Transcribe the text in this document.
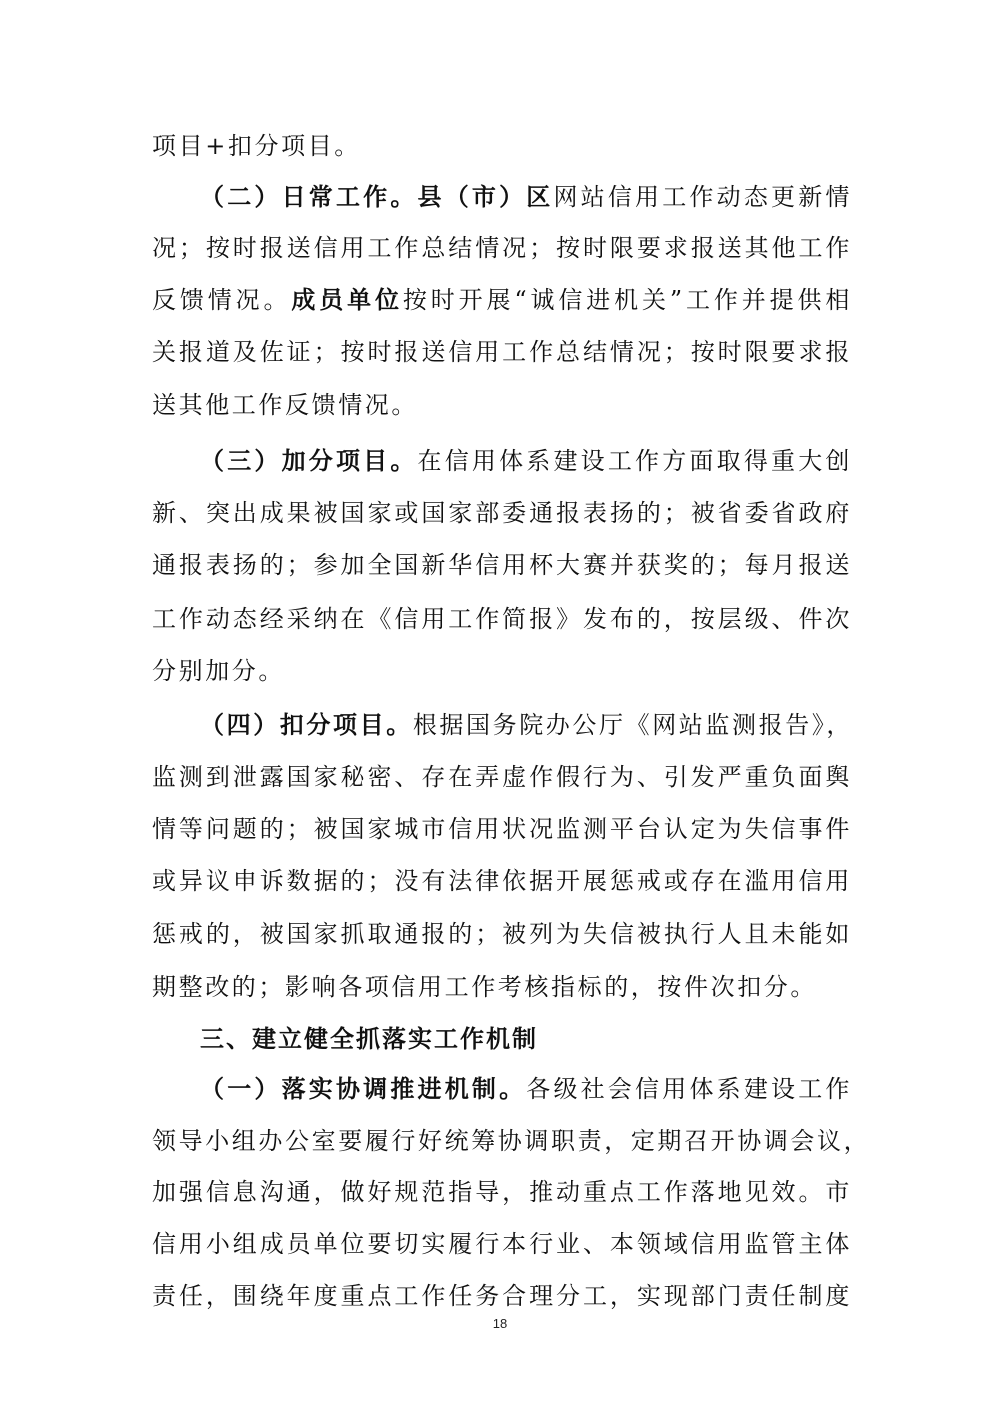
项目+扣分项目。
（二）日常工作。县（市）区网站信用工作动态更新情
况；按时报送信用工作总结情况；按时限要求报送其他工作
反馈情况。成员单位按时开展“诚信进机关”工作并提供相
关报道及佐证；按时报送信用工作总结情况；按时限要求报
送其他工作反馈情况。
（三）加分项目。在信用体系建设工作方面取得重大创
新、突出成果被国家或国家部委通报表扬的；被省委省政府
通报表扬的；参加全国新华信用杯大赛并获奖的；每月报送
工作动态经采纳在《信用工作简报》发布的，按层级、件次
分别加分。
（四）扣分项目。根据国务院办公厅《网站监测报告》，
监测到泄露国家秘密、存在弄虚作假行为、引发严重负面舆
情等问题的；被国家城市信用状况监测平台认定为失信事件
或异议申诉数据的；没有法律依据开展惩戒或存在滥用信用
惩戒的，被国家抓取通报的；被列为失信被执行人且未能如
期整改的；影响各项信用工作考核指标的，按件次扣分。
三、建立健全抓落实工作机制
（一）落实协调推进机制。各级社会信用体系建设工作
领导小组办公室要履行好统筹协调职责，定期召开协调会议，
加强信息沟通，做好规范指导，推动重点工作落地见效。市
信用小组成员单位要切实履行本行业、本领域信用监管主体
责任，围绕年度重点工作任务合理分工，实现部门责任制度
18
